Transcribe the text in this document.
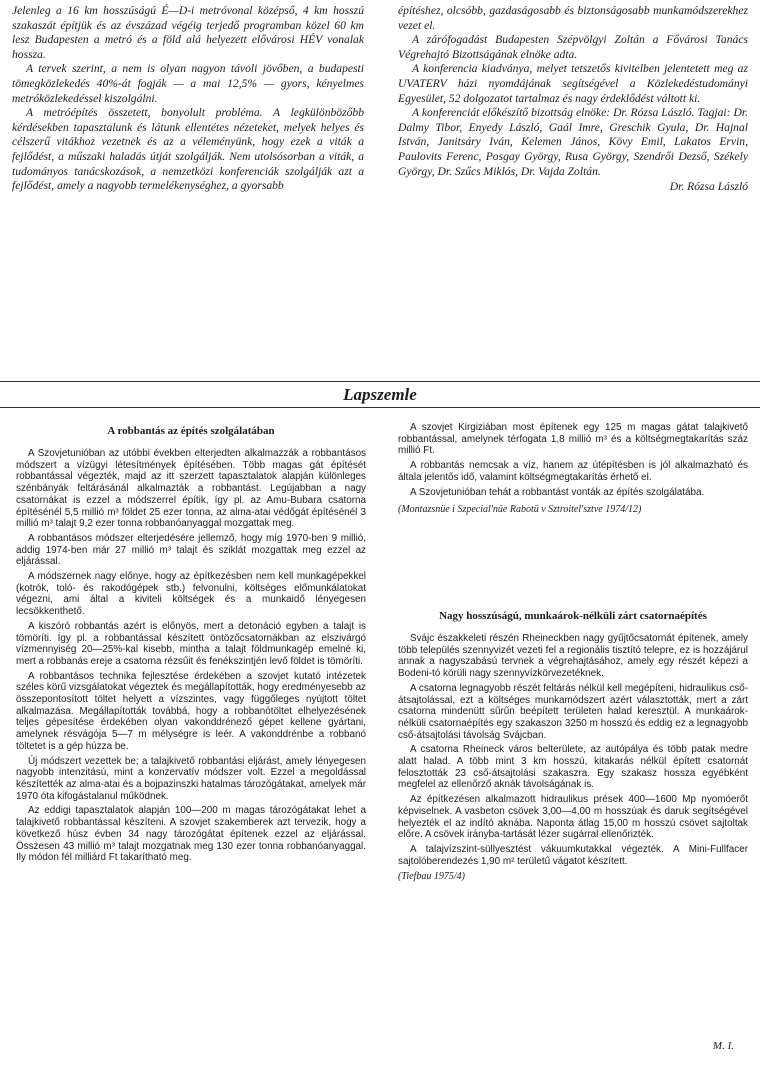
Jelenleg a 16 km hosszúságú É—D-i metróvonal középső, 4 km hosszú szakaszát építjük és az évszázad végéig terjedő programban közel 60 km lesz Budapesten a metró és a föld alá helyezett elővárosi HÉV vonalak hossza.

A tervek szerint, a nem is olyan nagyon távoli jövőben, a budapesti tömegközlekedés 40%-át fogják — a mai 12,5% — gyors, kényelmes metróközlekedéssel kiszolgálni.

A metróépítés összetett, bonyolult probléma. A legkülönbözőbb kérdésekben tapasztalunk és látunk ellentétes nézeteket, melyek helyes és célszerű vitákhoz vezetnek és az a véleményünk, hogy ezek a viták a fejlődést, a műszaki haladás útját szolgálják. Nem utolsósorban a viták, a tudományos tanácskozások, a nemzetközi konferenciák szolgálják azt a fejlődést, amely a nagyobb termelékenységhez, a gyorsabb

építéshez, olcsóbb, gazdaságosabb és biztonságosabb munkamódszerekhez vezet el.

A zárófogadást Budapesten Szépvölgyi Zoltán a Fővárosi Tanács Végrehajtó Bizottságának elnöke adta.

A konferencia kiadványa, melyet tetszetős kivitelben jelentetett meg az UVATERV házi nyomdájának segítségével a Közlekedéstudományi Egyesület, 52 dolgozatot tartalmaz és nagy érdeklődést váltott ki.

A konferenciát előkészítő bizottság elnöke: Dr. Rózsa László. Tagjai: Dr. Dalmy Tibor, Enyedy László, Gaál Imre, Greschik Gyula, Dr. Hajnal István, Janitsáry Iván, Kelemen János, Kövy Emil, Lakatos Ervin, Paulovits Ferenc, Posgay György, Rusa György, Szendrői Dezső, Székely György, Dr. Szűcs Miklós, Dr. Vajda Zoltán.

Dr. Rózsa László
Lapszemle
A robbantás az építés szolgálatában

A Szovjetunióban az utóbbi években elterjedten alkalmazzák a robbantásos módszert a vízügyi létesítmények építésében. Több magas gát építését robbantással végezték, majd az itt szerzett tapasztalatok alapján különleges szénbányák feltárásánál alkalmazták a robbantást. Legújabban a nagy csatornákat is ezzel a módszerrel építik, így pl. az Amu-Bubara csatorna építésénél 5,5 millió m³ földet 25 ezer tonna, az alma-atai védőgát építésénél 3 millió m³ talajt 9,2 ezer tonna robbanóanyaggal mozgattak meg.

A robbantásos módszer elterjedésére jellemző, hogy míg 1970-ben 9 millió, addig 1974-ben már 27 millió m³ talajt és sziklát mozgattak meg ezzel az eljárással.

A módszernek nagy előnye, hogy az építkezésben nem kell munkagépekkel (kotrók, toló- és rakodógépek stb.) felvonulni, költséges előmunkálatokat végezni, ami által a kiviteli költségek és a munkaidő lényegesen lecsökkenthető.

A kiszóró robbantás azért is előnyös, mert a detonáció egyben a talajt is tömöríti. Így pl. a robbantással készített öntözőcsatornákban az elszivárgó vízmennyiség 20—25%-kal kisebb, mintha a talajt földmunkagép emelné ki, mert a robbanás ereje a csatorna rézsűit és fenékszintjén levő földet is tömöríti.

A robbantásos technika fejlesztése érdekében a szovjet kutató intézetek széles körű vizsgálatokat végeztek és megállapították, hogy eredményesebb az összepontosított töltet helyett a vízszintes, vagy függőleges nyújtott töltet alkalmazása. Megállapították továbbá, hogy a robbanótöltet elhelyezésének teljes gépesítése érdekében olyan vakonddrénező gépet kellene gyártani, amelynek résvágója 5—7 m mélységre is leér. A vakonddrénbe a robbanó töltetet is a gép húzza be.

Új módszert vezettek be; a talajkivető robbantási eljárást, amely lényegesen nagyobb intenzitású, mint a konzervatív módszer volt. Ezzel a megoldással készítették az alma-atai és a bojpazinszki hatalmas tározógátakat, amelyek már 1970 óta kifogástalanul működnek.

Az eddigi tapasztalatok alapján 100—200 m magas tározógátakat lehet a talajkivető robbantással készíteni. A szovjet szakemberek azt tervezik, hogy a következő húsz évben 34 nagy tározógátat építenek ezzel az eljárással. Összesen 43 millió m³ talajt mozgatnak meg 130 ezer tonna robbanóanyaggal. Ily módon fél milliárd Ft takarítható meg.

A szovjet Kirgiziában most építenek egy 125 m magas gátat talajkivető robbantással, amelynek térfogata 1,8 millió m³ és a költségmegtakarítás száz millió Ft.

A robbantás nemcsak a víz, hanem az útépítésben is jól alkalmazható és általa jelentős idő, valamint költségmegtakarítás érhető el.

A Szovjetunióban tehát a robbantást vonták az építés szolgálatába.

(Montazsnüe i Szpecial'nüe Rabotü v Sztroitel'sztve 1974/12)
Nagy hosszúságú, munkaárok-nélküli zárt csatornaépítés

Svájc északkeleti részén Rheineckben nagy gyűjtőcsatornát építenek, amely több település szennyvizét vezeti fel a regionális tisztító telepre, ez is hozzájárul annak a nagyszabású tervnek a végrehajtásához, amely egy részét képezi a Bodeni-tó körüli nagy szennyvízkörvezetéknek.

A csatorna legnagyobb részét feltárás nélkül kell megépíteni, hidraulikus cső-átsajtolással, ezt a költséges munkamódszert azért választották, mert a zárt csatorna mindenütt sűrűn beépített területen halad keresztül. A munkaárok-nélküli csatornaépítés egy szakaszon 3250 m hosszú és eddig ez a legnagyobb cső-átsajtolási távolság Svájcban.

A csatorna Rheineck város belterülete, az autópálya és több patak medre alatt halad. A több mint 3 km hosszú, kitakarás nélkül épített csatornát felosztották 23 cső-átsajtolási szakaszra. Egy szakasz hossza egyébként megfelel az ellenőrző aknák távolságának is.

Az építkezésen alkalmazott hidraulikus prések 400—1600 Mp nyomóerőt képviselnek. A vasbeton csövek 3,00—4,00 m hosszúak és daruk segítségével helyezték el az indító aknába. Naponta átlag 15,00 m hosszú csövet sajtoltak előre. A csövek irányba-tartását lézer sugárral ellenőrizték.

A talajvízszint-süllyesztést vákuumkutakkal végezték. A Mini-Fullfacer sajtolóberendezés 1,90 m² területű vágatot készített.

(Tiefbau 1975/4)
M. I.
